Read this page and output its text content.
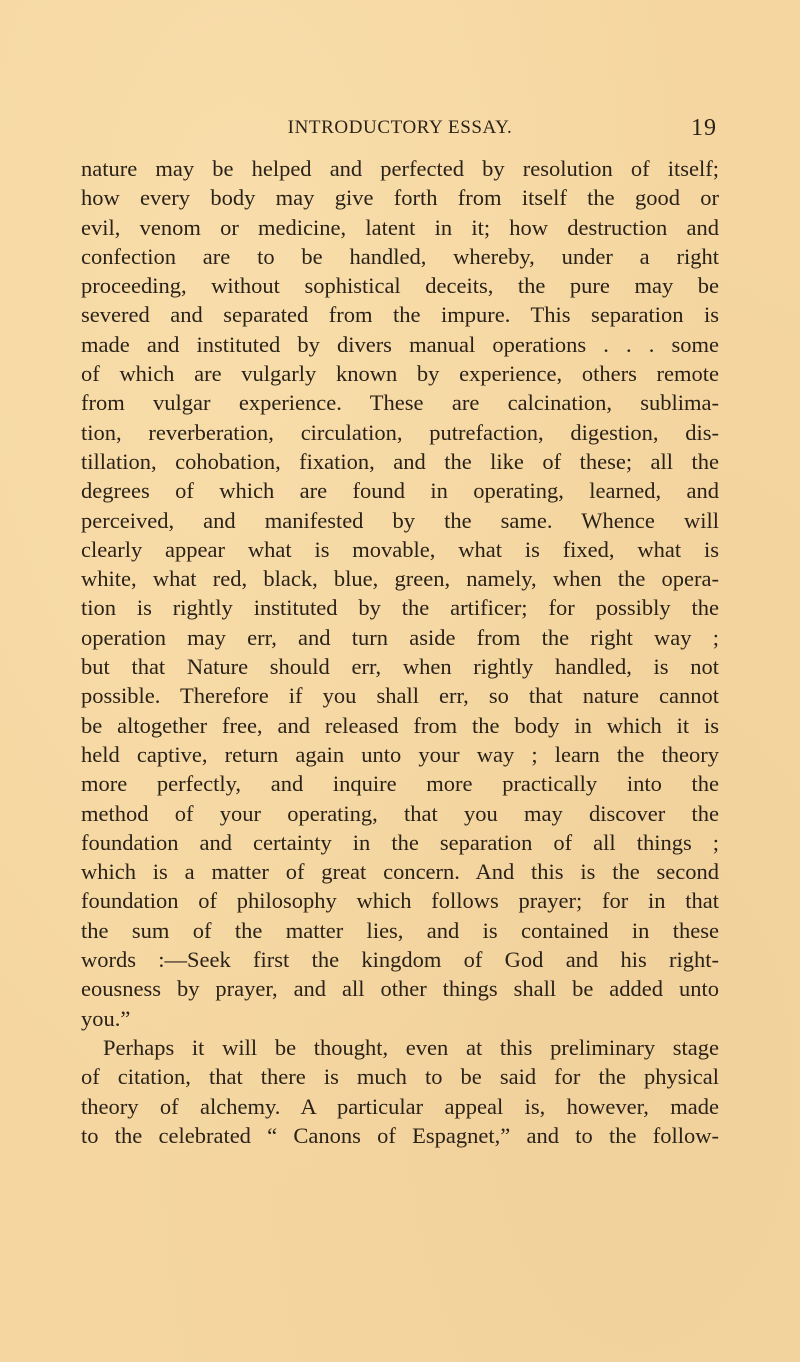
INTRODUCTORY ESSAY.	19
nature may be helped and perfected by resolution of itself;
how every body may give forth from itself the good or
evil, venom or medicine, latent in it; how destruction and
confection are to be handled, whereby, under a right
proceeding, without sophistical deceits, the pure may be
severed and separated from the impure. This separation is
made and instituted by divers manual operations . . . some
of which are vulgarly known by experience, others remote
from vulgar experience. These are calcination, sublima-
tion, reverberation, circulation, putrefaction, digestion, dis-
tillation, cohobation, fixation, and the like of these; all the
degrees of which are found in operating, learned, and
perceived, and manifested by the same. Whence will
clearly appear what is movable, what is fixed, what is
white, what red, black, blue, green, namely, when the opera-
tion is rightly instituted by the artificer; for possibly the
operation may err, and turn aside from the right way ;
but that Nature should err, when rightly handled, is not
possible. Therefore if you shall err, so that nature cannot
be altogether free, and released from the body in which it is
held captive, return again unto your way ; learn the theory
more perfectly, and inquire more practically into the
method of your operating, that you may discover the
foundation and certainty in the separation of all things ;
which is a matter of great concern. And this is the second
foundation of philosophy which follows prayer; for in that
the sum of the matter lies, and is contained in these
words :—Seek first the kingdom of God and his right-
eousness by prayer, and all other things shall be added unto
you.”
Perhaps it will be thought, even at this preliminary stage
of citation, that there is much to be said for the physical
theory of alchemy. A particular appeal is, however, made
to the celebrated “ Canons of Espagnet,” and to the follow-
